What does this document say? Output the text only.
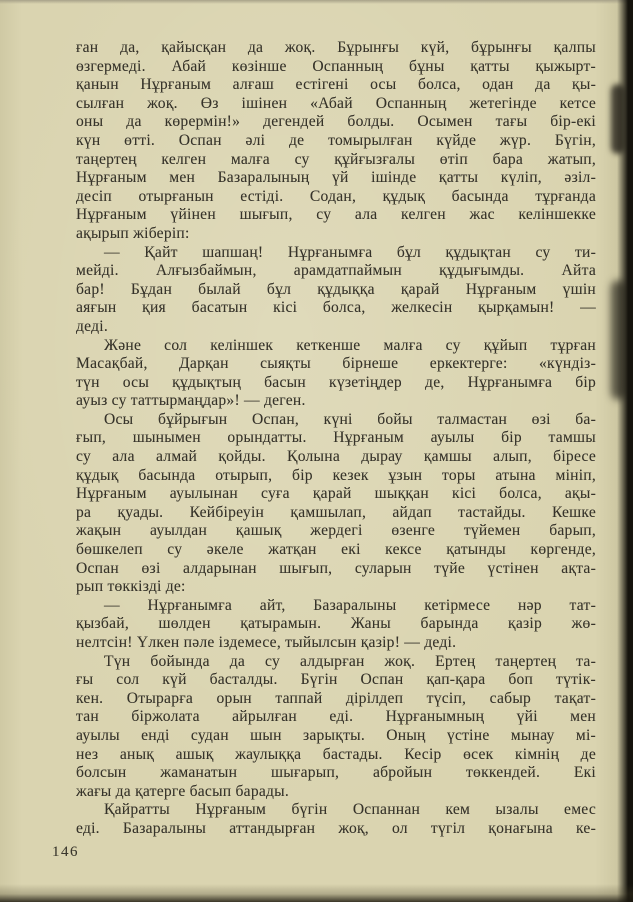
ған да, қайысқан да жоқ. Бұрынғы күй, бұрынғы қалпы
өзгермеді. Абай көзінше Оспанның бұны қатты қыжырт-
қанын Нұрғаным алғаш естігені осы болса, одан да қы-
сылған жоқ. Өз ішінен «Абай Оспанның жетегінде кетсе
оны да көрермін!» дегендей болды. Осымен тағы бір-екі
күн өтті. Оспан әлі де томырылған күйде жүр. Бүгін,
таңертең келген малға су құйғызғалы өтіп бара жатып,
Нұрғаным мен Базаралының үй ішінде қатты күліп, әзіл-
десіп отырғанын естіді. Содан, құдық басында тұрғанда
Нұрғаным үйінен шығып, су ала келген жас келіншекке
ақырып жіберіп:
— Қайт шапшаң! Нұрғанымға бұл құдықтан су ти-
мейді. Алғызбаймын, арамдатпаймын құдығымды. Айта
бар! Бұдан былай бұл құдыққа қарай Нұрғаным үшін
аяғын қия басатын кісі болса, желкесін қырқамын! —
деді.
Және сол келіншек кеткенше малға су құйып тұрған
Масақбай, Дарқан сыяқты бірнеше еркектерге: «күндіз-
түн осы құдықтың басын күзетіңдер де, Нұрғанымға бір
ауыз су таттырмаңдар»! — деген.
Осы бұйрығын Оспан, күні бойы талмастан өзі ба-
ғып, шынымен орындатты. Нұрғаным ауылы бір тамшы
су ала алмай қойды. Қолына дырау қамшы алып, біресе
құдық басында отырып, бір кезек ұзын торы атына мініп,
Нұрғаным ауылынан суға қарай шыққан кісі болса, ақы-
ра қуады. Кейбіреуін қамшылап, айдап тастайды. Кешке
жақын ауылдан қашық жердегі өзенге түйемен барып,
бөшкелеп су әкеле жатқан екі кексе қатынды көргенде,
Оспан өзі алдарынан шығып, суларын түйе үстінен ақта-
рып төккізді де:
— Нұрғанымға айт, Базаралыны кетірмесе нәр тат-
қызбай, шөлден қатырамын. Жаны барында қазір жө-
нелтсін! Үлкен пәле іздемесе, тыйылсын қазір! — деді.
Түн бойында да су алдырған жоқ. Ертең таңертең та-
ғы сол күй басталды. Бүгін Оспан қап-қара боп түтік-
кен. Отырарға орын таппай дірілдеп түсіп, сабыр тақат-
тан біржолата айрылған еді. Нұрғанымның үйі мен
ауылы енді судан шын зарықты. Оның үстіне мынау мі-
нез анық ашық жаулыққа бастады. Кесір өсек кімнің де
болсын жаманатын шығарып, абройын төккендей. Екі
жағы да қатерге басып барады.
Қайратты Нұрғаным бүгін Оспаннан кем ызалы емес
еді. Базаралыны аттандырған жоқ, ол түгіл қонағына ке-
146
